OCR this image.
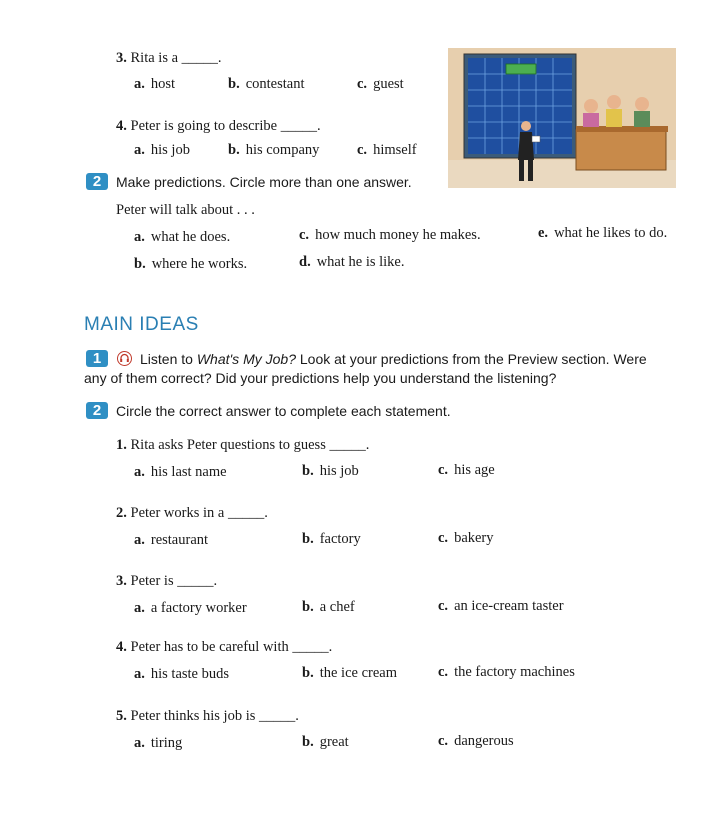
3. Rita is a _____.
a. host	b. contestant	c. guest
4. Peter is going to describe _____.
a. his job	b. his company	c. himself
2	Make predictions. Circle more than one answer.
Peter will talk about . . .
a. what he does.	c. how much money he makes.	e. what he likes to do.
b. where he works.	d. what he is like.
MAIN IDEAS
1	Listen to What's My Job? Look at your predictions from the Preview section. Were
any of them correct? Did your predictions help you understand the listening?
2	Circle the correct answer to complete each statement.
1. Rita asks Peter questions to guess _____.
a. his last name	b. his job	c. his age
2. Peter works in a _____.
a. restaurant	b. factory	c. bakery
3. Peter is _____.
a. a factory worker	b. a chef	c. an ice-cream taster
4. Peter has to be careful with _____.
a. his taste buds	b. the ice cream	c. the factory machines
5. Peter thinks his job is _____.
a. tiring	b. great	c. dangerous
